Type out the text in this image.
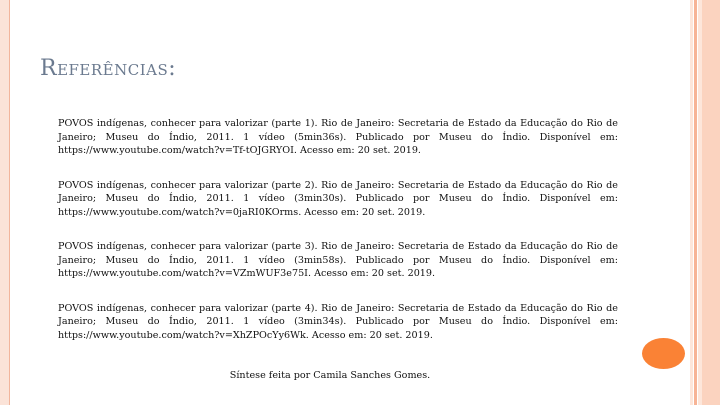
Referências:

POVOS indígenas, conhecer para valorizar (parte 1). Rio de Janeiro: Secretaria de Estado da Educação do Rio de Janeiro; Museu do Índio, 2011. 1 vídeo (5min36s). Publicado por Museu do Índio. Disponível em: https://www.youtube.com/watch?v=Tf-tOJGRYOI. Acesso em: 20 set. 2019.

POVOS indígenas, conhecer para valorizar (parte 2). Rio de Janeiro: Secretaria de Estado da Educação do Rio de Janeiro; Museu do Índio, 2011. 1 vídeo (3min30s). Publicado por Museu do Índio. Disponível em: https://www.youtube.com/watch?v=0jaRI0KOrms. Acesso em: 20 set. 2019.

POVOS indígenas, conhecer para valorizar (parte 3). Rio de Janeiro: Secretaria de Estado da Educação do Rio de Janeiro; Museu do Índio, 2011. 1 vídeo (3min58s). Publicado por Museu do Índio. Disponível em: https://www.youtube.com/watch?v=VZmWUF3e75I. Acesso em: 20 set. 2019.

POVOS indígenas, conhecer para valorizar (parte 4). Rio de Janeiro: Secretaria de Estado da Educação do Rio de Janeiro; Museu do Índio, 2011. 1 vídeo (3min34s). Publicado por Museu do Índio. Disponível em: https://www.youtube.com/watch?v=XhZPOcYy6Wk. Acesso em: 20 set. 2019.

Síntese feita por Camila Sanches Gomes.
